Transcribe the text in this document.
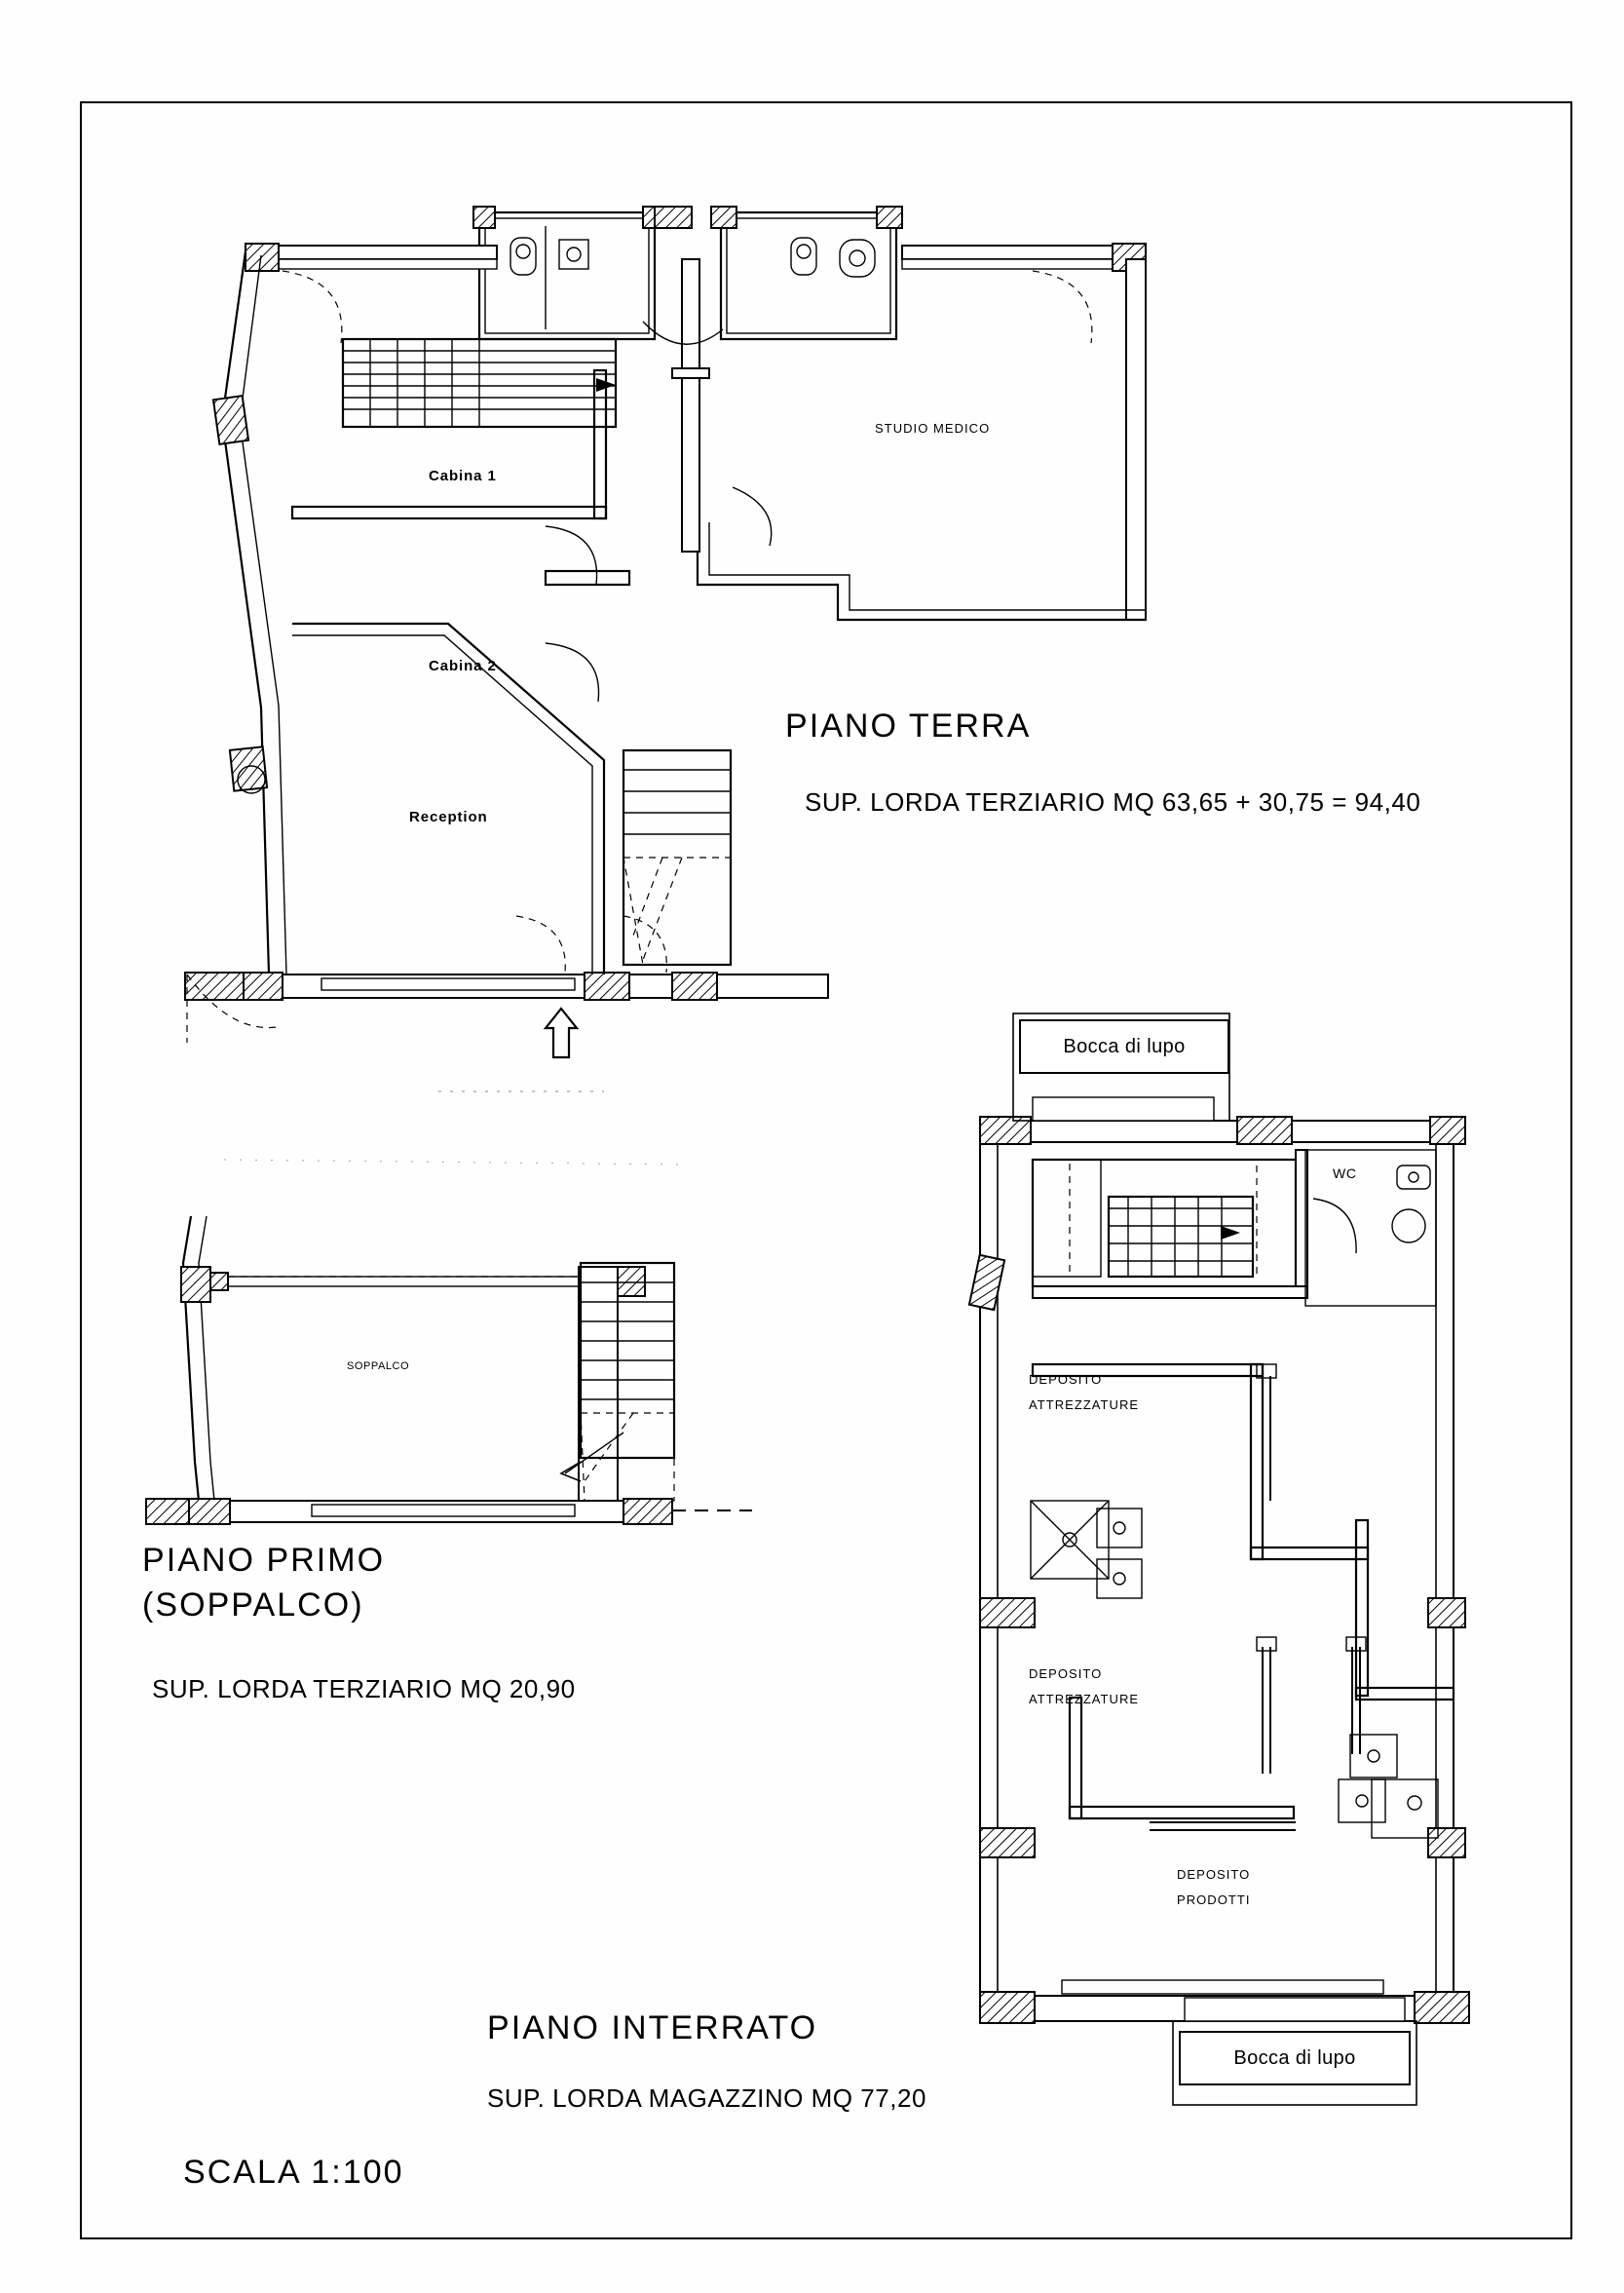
Cabina 1
Cabina 2
Reception
STUDIO MEDICO
PIANO TERRA
SUP. LORDA TERZIARIO MQ 63,65 + 30,75 = 94,40
SOPPALCO
PIANO PRIMO
(SOPPALCO)
SUP. LORDA TERZIARIO MQ 20,90
Bocca di lupo
Bocca di lupo
WC
DEPOSITO
ATTREZZATURE
DEPOSITO
ATTREZZATURE
DEPOSITO
PRODOTTI
PIANO INTERRATO
SUP. LORDA MAGAZZINO MQ 77,20
SCALA 1:100
